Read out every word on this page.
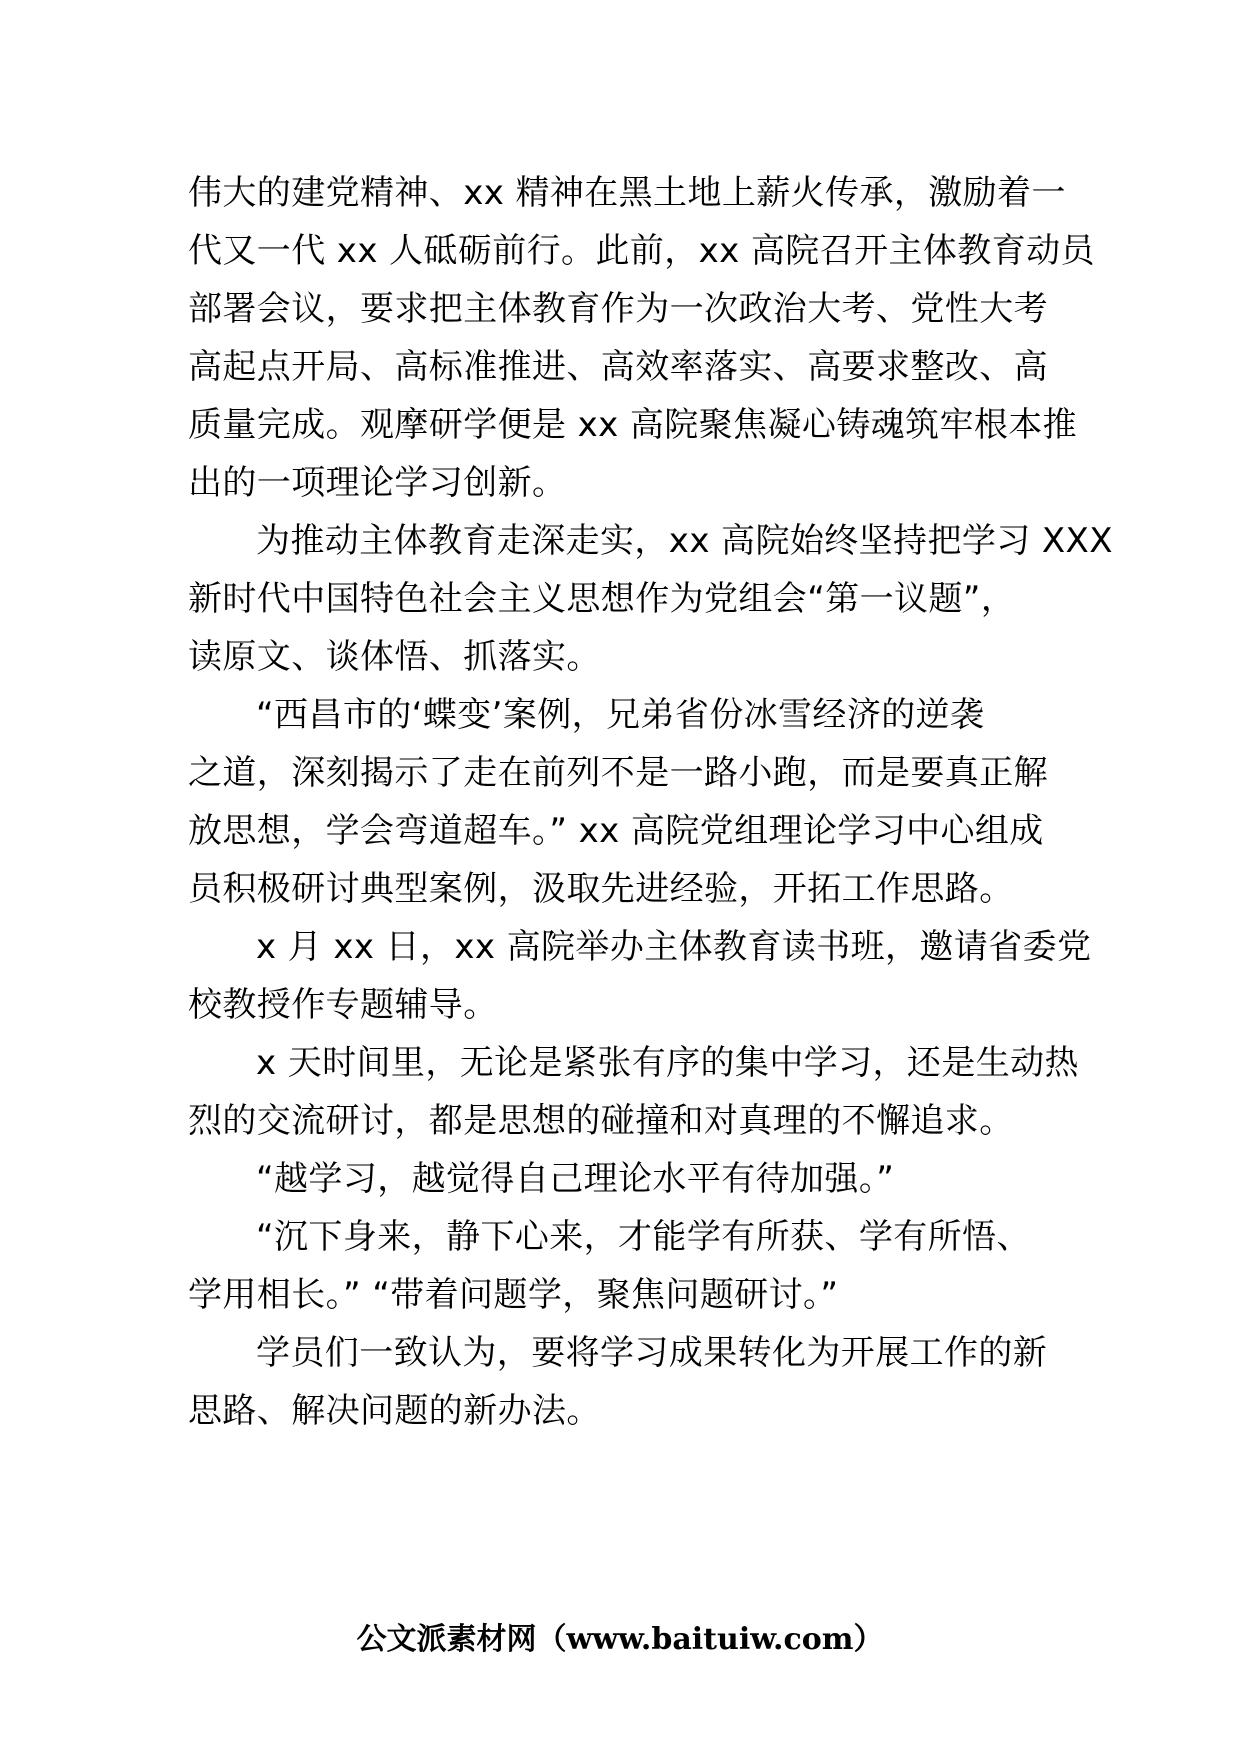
伟大的建党精神、xx 精神在黑土地上薪火传承，激励着一
代又一代 xx 人砥砺前行。此前，xx 高院召开主体教育动员
部署会议，要求把主体教育作为一次政治大考、党性大考
高起点开局、高标准推进、高效率落实、高要求整改、高
质量完成。观摩研学便是 xx 高院聚焦凝心铸魂筑牢根本推
出的一项理论学习创新。
为推动主体教育走深走实，xx 高院始终坚持把学习 XXX
新时代中国特色社会主义思想作为党组会“第一议题”，
读原文、谈体悟、抓落实。
“西昌市的‘蝶变’案例，兄弟省份冰雪经济的逆袭
之道，深刻揭示了走在前列不是一路小跑，而是要真正解
放思想，学会弯道超车。” xx 高院党组理论学习中心组成
员积极研讨典型案例，汲取先进经验，开拓工作思路。
x 月 xx 日，xx 高院举办主体教育读书班，邀请省委党
校教授作专题辅导。
x 天时间里，无论是紧张有序的集中学习，还是生动热
烈的交流研讨，都是思想的碰撞和对真理的不懈追求。
“越学习，越觉得自己理论水平有待加强。”
“沉下身来，静下心来，才能学有所获、学有所悟、
学用相长。” “带着问题学，聚焦问题研讨。”
学员们一致认为，要将学习成果转化为开展工作的新
思路、解决问题的新办法。
公文派素材网（www.baituiw.com）
